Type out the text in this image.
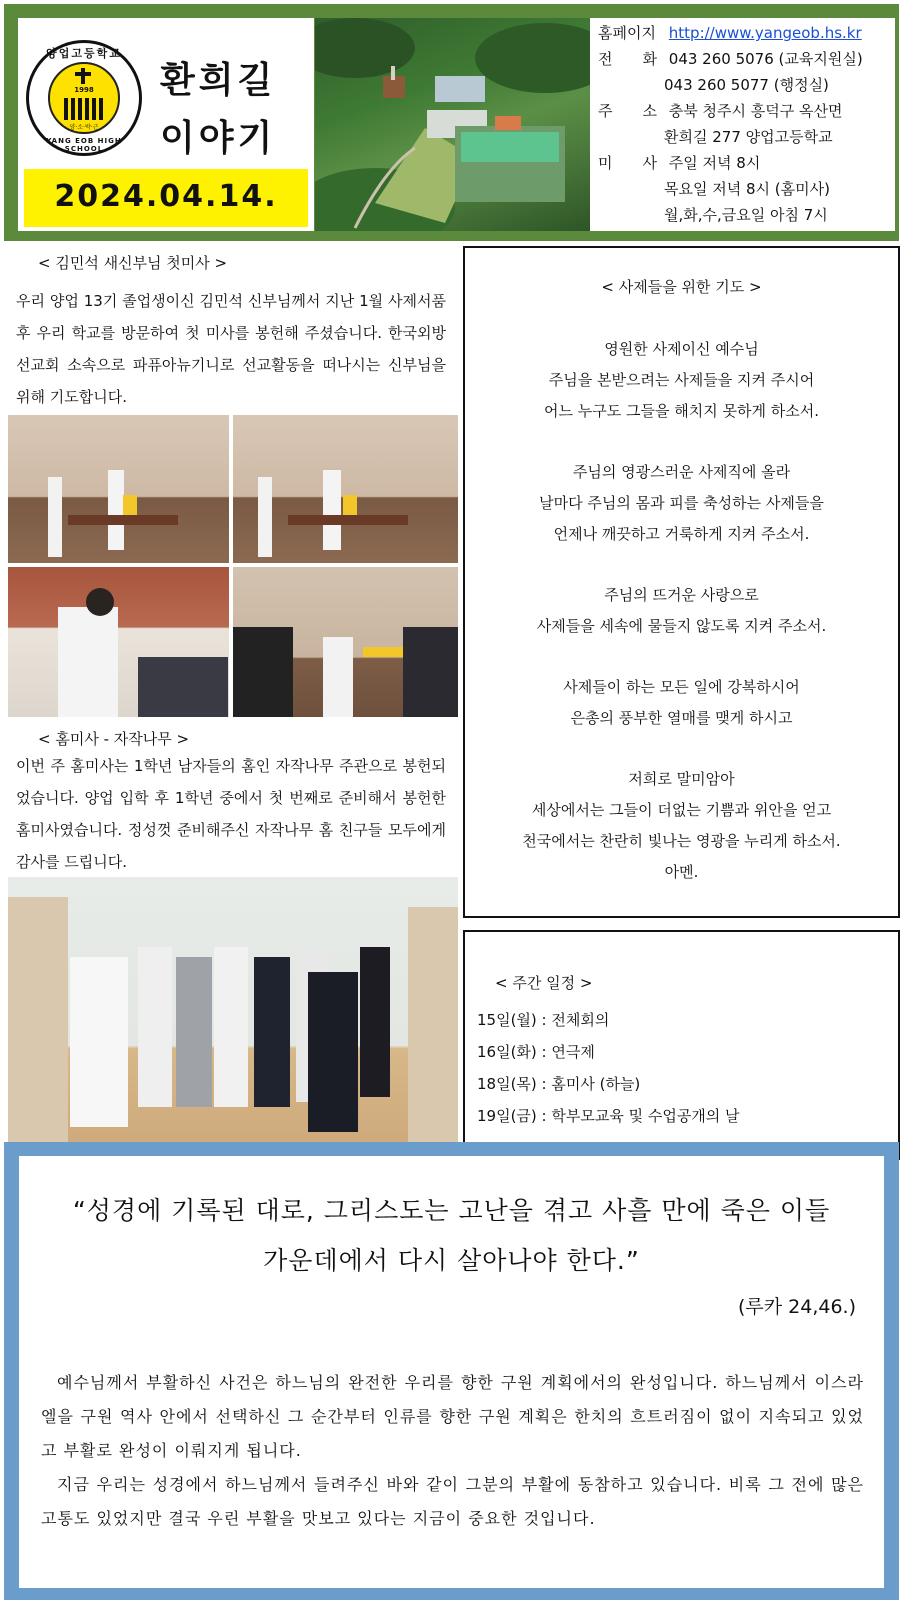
양업고등학교
1998
양·소·박·근
YANG EOB HIGH SCHOOL
환희길
이야기
2024.04.14.
홈페이지 http://www.yangeob.hs.kr
전　　화 043 260 5076 (교육지원실)
043 260 5077 (행정실)
주　　소 충북 청주시 흥덕구 옥산면
환희길 277 양업고등학교
미　　사 주일 저녁 8시
목요일 저녁 8시 (홈미사)
월,화,수,금요일 아침 7시
< 김민석 새신부님 첫미사 >
우리 양업 13기 졸업생이신 김민석 신부님께서 지난 1월 사제서품 후 우리 학교를 방문하여 첫 미사를 봉헌해 주셨습니다. 한국외방선교회 소속으로 파퓨아뉴기니로 선교활동을 떠나시는 신부님을 위해 기도합니다.
< 홈미사 - 자작나무 >
이번 주 홈미사는 1학년 남자들의 홈인 자작나무 주관으로 봉헌되었습니다. 양업 입학 후 1학년 중에서 첫 번째로 준비해서 봉헌한 홈미사였습니다. 정성껏 준비해주신 자작나무 홈 친구들 모두에게 감사를 드립니다.
< 사제들을 위한 기도 >
영원한 사제이신 예수님
주님을 본받으려는 사제들을 지켜 주시어
어느 누구도 그들을 해치지 못하게 하소서.
주님의 영광스러운 사제직에 올라
날마다 주님의 몸과 피를 축성하는 사제들을
언제나 깨끗하고 거룩하게 지켜 주소서.
주님의 뜨거운 사랑으로
사제들을 세속에 물들지 않도록 지켜 주소서.
사제들이 하는 모든 일에 강복하시어
은총의 풍부한 열매를 맺게 하시고
저희로 말미암아
세상에서는 그들이 더없는 기쁨과 위안을 얻고
천국에서는 찬란히 빛나는 영광을 누리게 하소서.
아멘.
< 주간 일정 >
15일(월) : 전체회의
16일(화) : 연극제
18일(목) : 홈미사 (하늘)
19일(금) : 학부모교육 및 수업공개의 날
“성경에 기록된 대로, 그리스도는 고난을 겪고 사흘 만에 죽은 이들
가운데에서 다시 살아나야 한다.”
(루카 24,46.)
예수님께서 부활하신 사건은 하느님의 완전한 우리를 향한 구원 계획에서의 완성입니다. 하느님께서 이스라엘을 구원 역사 안에서 선택하신 그 순간부터 인류를 향한 구원 계획은 한치의 흐트러짐이 없이 지속되고 있었고 부활로 완성이 이뤄지게 됩니다.
지금 우리는 성경에서 하느님께서 들려주신 바와 같이 그분의 부활에 동참하고 있습니다. 비록 그 전에 많은 고통도 있었지만 결국 우린 부활을 맛보고 있다는 지금이 중요한 것입니다.
